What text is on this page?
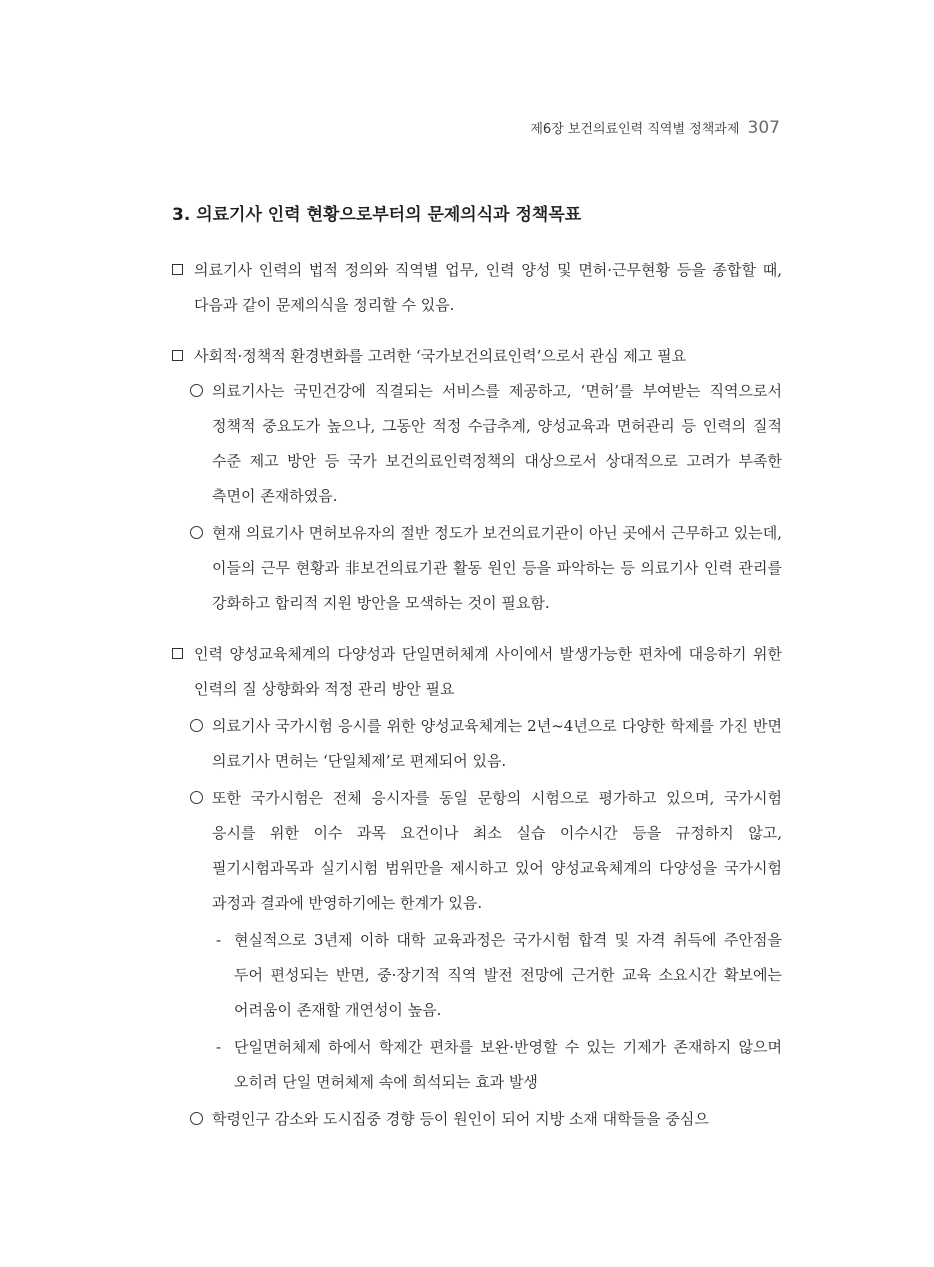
제6장 보건의료인력 직역별 정책과제 307
3. 의료기사 인력 현황으로부터의 문제의식과 정책목표
의료기사 인력의 법적 정의와 직역별 업무, 인력 양성 및 면허·근무현황 등을 종합할 때, 다음과 같이 문제의식을 정리할 수 있음.
사회적·정책적 환경변화를 고려한 ‘국가보건의료인력’으로서 관심 제고 필요
의료기사는 국민건강에 직결되는 서비스를 제공하고, ‘면허’를 부여받는 직역으로서 정책적 중요도가 높으나, 그동안 적정 수급추계, 양성교육과 면허관리 등 인력의 질적 수준 제고 방안 등 국가 보건의료인력정책의 대상으로서 상대적으로 고려가 부족한 측면이 존재하였음.
현재 의료기사 면허보유자의 절반 정도가 보건의료기관이 아닌 곳에서 근무하고 있는데, 이들의 근무 현황과 非보건의료기관 활동 원인 등을 파악하는 등 의료기사 인력 관리를 강화하고 합리적 지원 방안을 모색하는 것이 필요함.
인력 양성교육체계의 다양성과 단일면허체계 사이에서 발생가능한 편차에 대응하기 위한 인력의 질 상향화와 적정 관리 방안 필요
의료기사 국가시험 응시를 위한 양성교육체계는 2년~4년으로 다양한 학제를 가진 반면 의료기사 면허는 ‘단일체제’로 편제되어 있음.
또한 국가시험은 전체 응시자를 동일 문항의 시험으로 평가하고 있으며, 국가시험 응시를 위한 이수 과목 요건이나 최소 실습 이수시간 등을 규정하지 않고, 필기시험과목과 실기시험 범위만을 제시하고 있어 양성교육체계의 다양성을 국가시험 과정과 결과에 반영하기에는 한계가 있음.
- 현실적으로 3년제 이하 대학 교육과정은 국가시험 합격 및 자격 취득에 주안점을 두어 편성되는 반면, 중·장기적 직역 발전 전망에 근거한 교육 소요시간 확보에는 어려움이 존재할 개연성이 높음.
- 단일면허체제 하에서 학제간 편차를 보완·반영할 수 있는 기제가 존재하지 않으며 오히려 단일 면허체제 속에 희석되는 효과 발생
학령인구 감소와 도시집중 경향 등이 원인이 되어 지방 소재 대학들을 중심으
